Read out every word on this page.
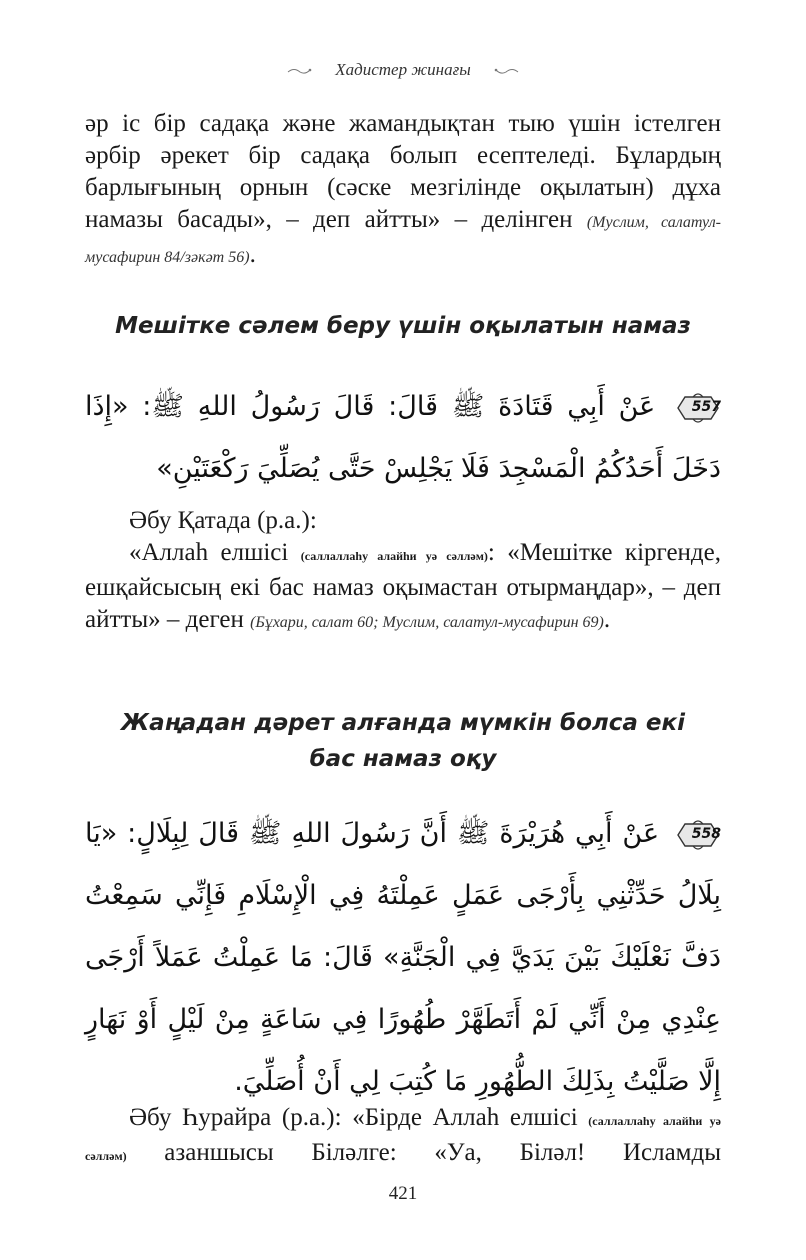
Хадистер жинағы
әр іс бір садақа және жамандықтан тыю үшін істелген әрбір әрекет бір садақа болып есептеледі. Бұлардың барлығының орнын (сәске мезгілінде оқылатын) дұха намазы басады», – деп айтты» – делінген (Муслим, салатул-мусафирин 84/зәкәт 56).
Мешітке сәлем беру үшін оқылатын намаз
557
عَنْ أَبِي قَتَادَةَ ﷺ قَالَ: قَالَ رَسُولُ اللهِ ﷺ: «إِذَا دَخَلَ أَحَدُكُمُ الْمَسْجِدَ فَلَا يَجْلِسْ حَتَّى يُصَلِّيَ رَكْعَتَيْنِ»
Әбу Қатада (р.а.):
«Аллаһ елшісі (саллаллаһу алайһи уә сәлләм): «Мешітке кіргенде, ешқайсысың екі бас намаз оқымастан отырмаңдар», – деп айтты» – деген (Бұхари, салат 60; Муслим, салатул-мусафирин 69).
Жаңадан дәрет алғанда мүмкін болса екі
бас намаз оқу
558
عَنْ أَبِي هُرَيْرَةَ ﷺ أَنَّ رَسُولَ اللهِ ﷺ قَالَ لِبِلَالٍ: «يَا بِلَالُ حَدِّثْنِي بِأَرْجَى عَمَلٍ عَمِلْتَهُ فِي الْإِسْلَامِ فَإِنِّي سَمِعْتُ دَفَّ نَعْلَيْكَ بَيْنَ يَدَيَّ فِي الْجَنَّةِ» قَالَ: مَا عَمِلْتُ عَمَلاً أَرْجَى عِنْدِي مِنْ أَنِّي لَمْ أَتَطَهَّرْ طُهُورًا فِي سَاعَةٍ مِنْ لَيْلٍ أَوْ نَهَارٍ إِلَّا صَلَّيْتُ بِذَلِكَ الطُّهُورِ مَا كُتِبَ لِي أَنْ أُصَلِّيَ.
Әбу Һурайра (р.а.): «Бірде Аллаһ елшісі (саллаллаһу алайһи уә сәлләм) азаншысы Біләлге: «Уа, Біләл! Исламды
421
